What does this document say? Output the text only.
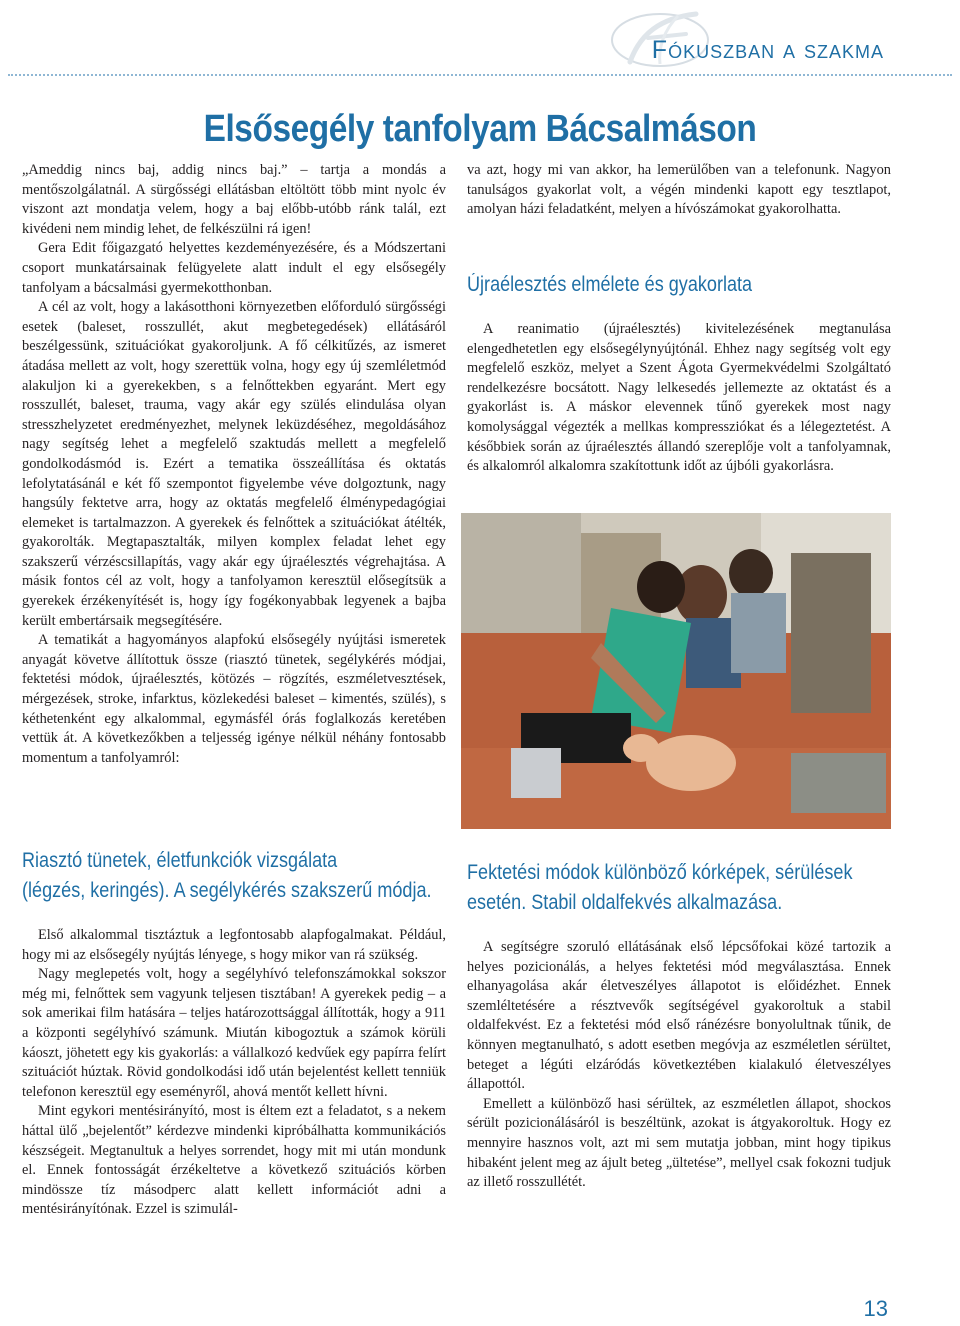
Fókuszban a szakma
Elsősegély tanfolyam Bácsalmáson

„Ameddig nincs baj, addig nincs baj.” – tartja a mondás a mentőszolgálatnál. A sürgősségi ellátásban eltöltött több mint nyolc év viszont azt mondatja velem, hogy a baj előbb-utóbb ránk talál, ezt kivédeni nem mindig lehet, de felkészülni rá igen!

Gera Edit főigazgató helyettes kezdeményezésére, és a Módszertani csoport munkatársainak felügyelete alatt indult el egy elsősegély tanfolyam a bácsalmási gyermekotthonban.

A cél az volt, hogy a lakásotthoni környezetben előforduló sürgősségi esetek (baleset, rosszullét, akut megbetegedések) ellátásáról beszélgessünk, szituációkat gyakoroljunk. A fő célkitűzés, az ismeret átadása mellett az volt, hogy szerettük volna, hogy egy új szemléletmód alakuljon ki a gyerekekben, s a felnőttekben egyaránt. Mert egy rosszullét, baleset, trauma, vagy akár egy szülés elindulása olyan stresszhelyzetet eredményezhet, melynek leküzdéséhez, megoldásához nagy segítség lehet a megfelelő szaktudás mellett a megfelelő gondolkodásmód is. Ezért a tematika összeállítása és oktatás lefolytatásánál e két fő szempontot figyelembe véve dolgoztunk, nagy hangsúly fektetve arra, hogy az oktatás megfelelő élménypedagógiai elemeket is tartalmazzon. A gyerekek és felnőttek a szituációkat átélték, gyakorolták. Megtapasztalták, milyen komplex feladat lehet egy szakszerű vérzéscsillapítás, vagy akár egy újraélesztés végrehajtása. A másik fontos cél az volt, hogy a tanfolyamon keresztül elősegítsük a gyerekek érzékenyítését is, hogy így fogékonyabbak legyenek a bajba került embertársaik megsegítésére.

A tematikát a hagyományos alapfokú elsősegély nyújtási ismeretek anyagát követve állítottuk össze (riasztó tünetek, segélykérés módjai, fektetési módok, újraélesztés, kötözés – rögzítés, eszméletvesztések, mérgezések, stroke, infarktus, közlekedési baleset – kimentés, szülés), s kéthetenként egy alkalommal, egymásfél órás foglalkozás keretében vettük át. A következőkben a teljesség igénye nélkül néhány fontosabb momentum a tanfolyamról:

va azt, hogy mi van akkor, ha lemerülőben van a telefonunk. Nagyon tanulságos gyakorlat volt, a végén mindenki kapott egy tesztlapot, amolyan házi feladatként, melyen a hívószámokat gyakorolhatta.

Újraélesztés elmélete és gyakorlata

A reanimatio (újraélesztés) kivitelezésének megtanulása elengedhetetlen egy elsősegélynyújtónál. Ehhez nagy segítség volt egy megfelelő eszköz, melyet a Szent Ágota Gyermekvédelmi Szolgáltató rendelkezésre bocsátott. Nagy lelkesedés jellemezte az oktatást és a gyakorlást is. A máskor elevennek tűnő gyerekek most nagy komolysággal végezték a mellkas kompressziókat és a lélegeztetést. A későbbiek során az újraélesztés állandó szereplője volt a tanfolyamnak, és alkalomról alkalomra szakítottunk időt az újbóli gyakorlásra.

Riasztó tünetek, életfunkciók vizsgálata
(légzés, keringés). A segélykérés szakszerű módja.

Első alkalommal tisztáztuk a legfontosabb alapfogalmakat. Például, hogy mi az elsősegély nyújtás lényege, s hogy mikor van rá szükség.

Nagy meglepetés volt, hogy a segélyhívó telefonszámokkal sokszor még mi, felnőttek sem vagyunk teljesen tisztában! A gyerekek pedig – a sok amerikai film hatására – teljes határozottsággal állították, hogy a 911 a központi segélyhívó számunk. Miután kibogoztuk a számok körüli káoszt, jöhetett egy kis gyakorlás: a vállalkozó kedvűek egy papírra felírt szituációt húztak. Rövid gondolkodási idő után bejelentést kellett tenniük telefonon keresztül egy eseményről, ahová mentőt kellett hívni.

Mint egykori mentésirányító, most is éltem ezt a feladatot, s a nekem háttal ülő „bejelentőt” kérdezve mindenki kipróbálhatta kommunikációs készségeit. Megtanultuk a helyes sorrendet, hogy mit mi után mondunk el. Ennek fontosságát érzékeltetve a következő szituációs körben mindössze tíz másodperc alatt kellett információt adni a mentésirányítónak. Ezzel is szimulál-

Fektetési módok különböző kórképek, sérülések
esetén. Stabil oldalfekvés alkalmazása.

A segítségre szoruló ellátásának első lépcsőfokai közé tartozik a helyes pozicionálás, a helyes fektetési mód megválasztása. Ennek elhanyagolása akár életveszélyes állapotot is előidézhet. Ennek szemléltetésére a résztvevők segítségével gyakoroltuk a stabil oldalfekvést. Ez a fektetési mód első ránézésre bonyolultnak tűnik, de könnyen megtanulható, s adott esetben megóvja az eszméletlen sérültet, beteget a légúti elzáródás következtében kialakuló életveszélyes állapottól.

Emellett a különböző hasi sérültek, az eszméletlen állapot, shockos sérült pozicionálásáról is beszéltünk, azokat is átgyakoroltuk. Hogy ez mennyire hasznos volt, azt mi sem mutatja jobban, mint hogy tipikus hibaként jelent meg az ájult beteg „ültetése”, mellyel csak fokozni tudjuk az illető rosszullétét.

13
